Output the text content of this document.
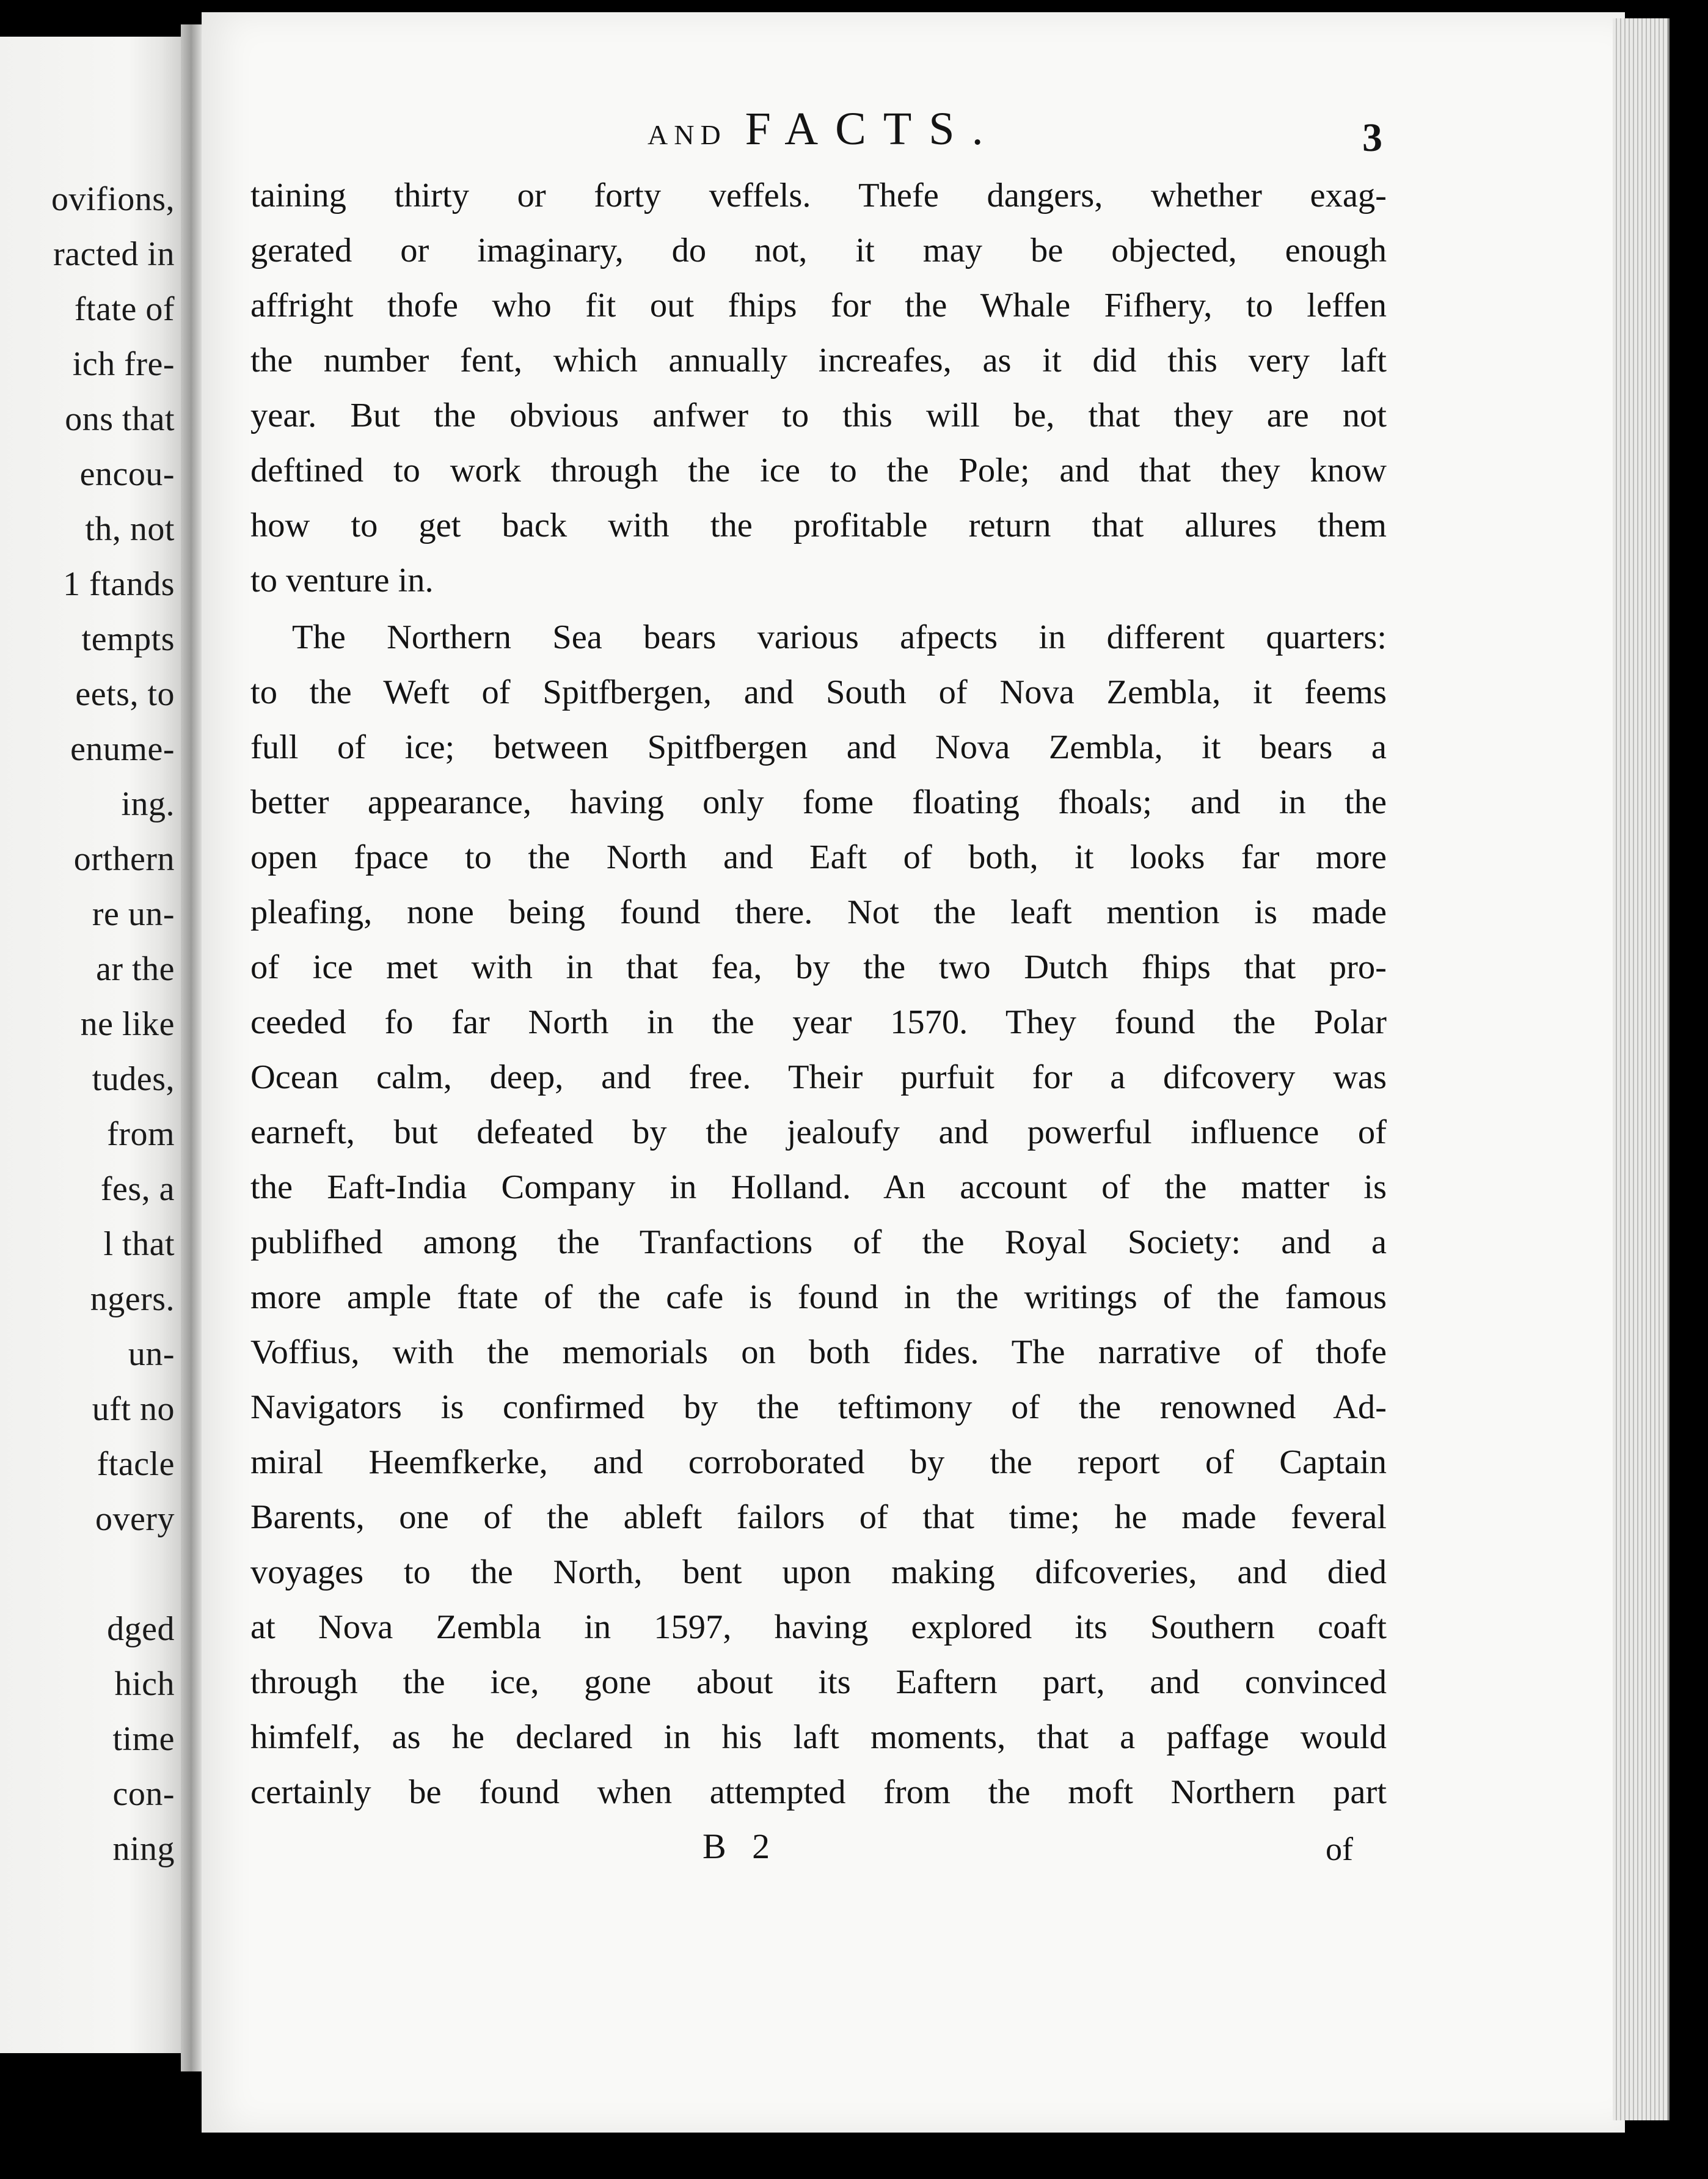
ovifions,
racted in
ftate of
ich fre-
ons that
encou-
th, not
1 ftands
tempts
eets, to
enume-
ing.
orthern
re un-
ar the
ne like
tudes,
from
fes, a
l that
ngers.
un-
uft no
ftacle
overy
dged
hich
time
con-
ning
AND FACTS.	3
taining thirty or forty veffels. Thefe dangers, whether exag-
gerated or imaginary, do not, it may be objected, enough
affright thofe who fit out fhips for the Whale Fifhery, to leffen
the number fent, which annually increafes, as it did this very laft
year. But the obvious anfwer to this will be, that they are not
deftined to work through the ice to the Pole; and that they know
how to get back with the profitable return that allures them
to venture in.
The Northern Sea bears various afpects in different quarters:
to the Weft of Spitfbergen, and South of Nova Zembla, it feems
full of ice; between Spitfbergen and Nova Zembla, it bears a
better appearance, having only fome floating fhoals; and in the
open fpace to the North and Eaft of both, it looks far more
pleafing, none being found there. Not the leaft mention is made
of ice met with in that fea, by the two Dutch fhips that pro-
ceeded fo far North in the year 1570. They found the Polar
Ocean calm, deep, and free. Their purfuit for a difcovery was
earneft, but defeated by the jealoufy and powerful influence of
the Eaft-India Company in Holland. An account of the matter is
publifhed among the Tranfactions of the Royal Society: and a
more ample ftate of the cafe is found in the writings of the famous
Voffius, with the memorials on both fides. The narrative of thofe
Navigators is confirmed by the teftimony of the renowned Ad-
miral Heemfkerke, and corroborated by the report of Captain
Barents, one of the ableft failors of that time; he made feveral
voyages to the North, bent upon making difcoveries, and died
at Nova Zembla in 1597, having explored its Southern coaft
through the ice, gone about its Eaftern part, and convinced
himfelf, as he declared in his laft moments, that a paffage would
certainly be found when attempted from the moft Northern part
B 2	of
